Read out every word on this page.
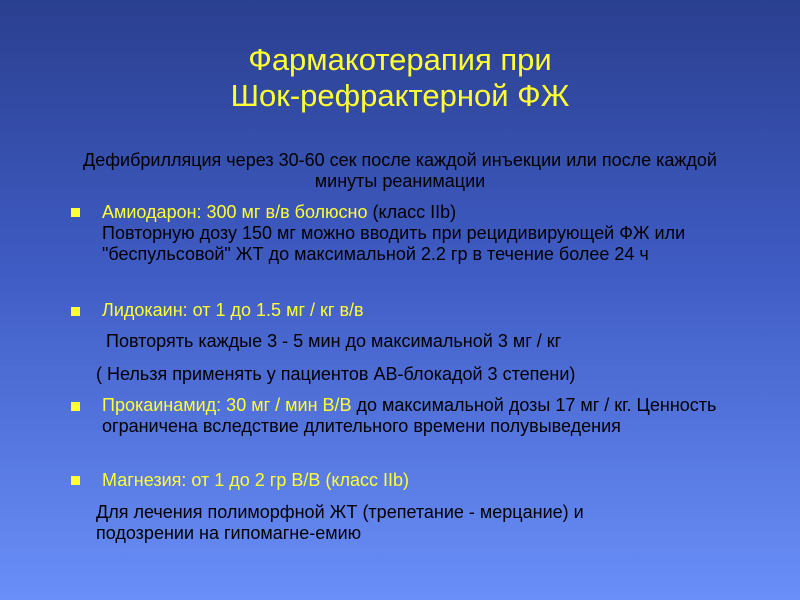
Фармакотерапия при
Шок-рефрактерной ФЖ
Дефибрилляция через 30-60 сек после каждой инъекции или после каждой минуты реанимации
Амиодарон: 300 мг в/в болюсно (класс IIb)
Повторную дозу 150 мг можно вводить при рецидивирующей ФЖ или "беспульсовой" ЖТ до максимальной 2.2 гр в течение более 24 ч
Лидокаин: от 1 до 1.5 мг / кг в/в
Повторять каждые 3 - 5 мин до максимальной 3 мг / кг
( Нельзя применять у пациентов АВ-блокадой 3 степени)
Прокаинамид: 30 мг / мин В/В до максимальной дозы 17 мг / кг. Ценность ограничена вследствие длительного времени полувыведения
Магнезия: от 1 до 2 гр В/В (класс IIb)
Для лечения полиморфной ЖТ (трепетание - мерцание) и подозрении на гипомагне-емию
